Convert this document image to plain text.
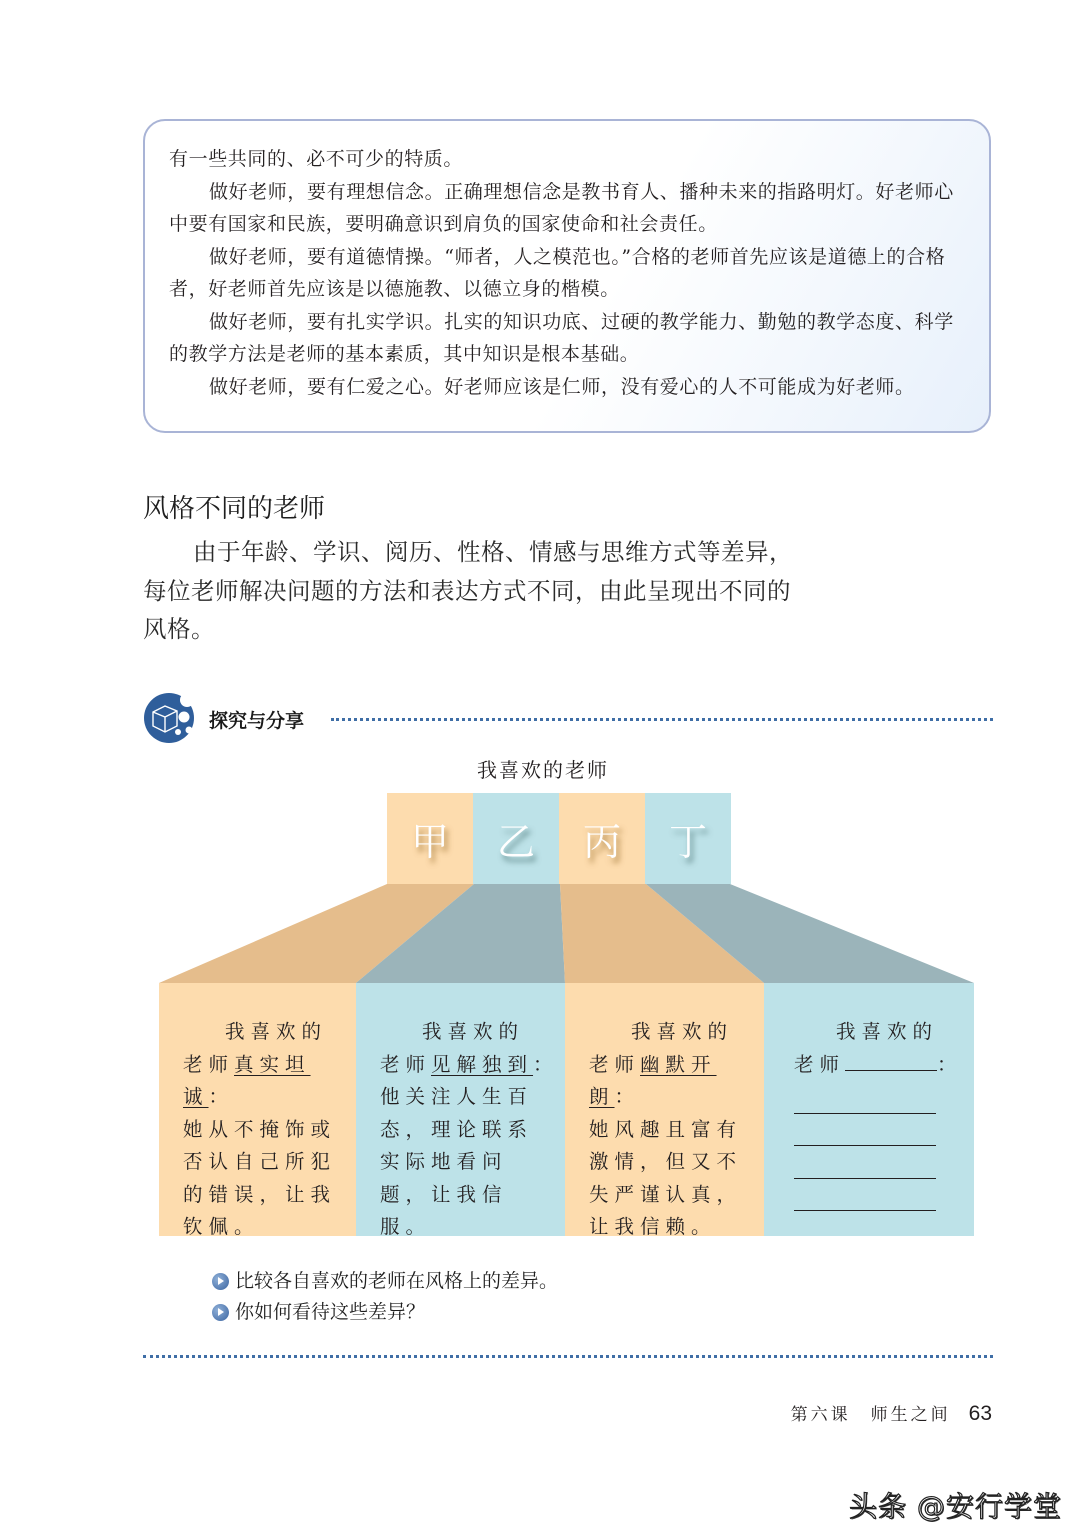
有一些共同的、必不可少的特质。

做好老师，要有理想信念。正确理想信念是教书育人、播种未来的指路明灯。好老师心中要有国家和民族，要明确意识到肩负的国家使命和社会责任。

做好老师，要有道德情操。“师者，人之模范也。”合格的老师首先应该是道德上的合格者，好老师首先应该是以德施教、以德立身的楷模。

做好老师，要有扎实学识。扎实的知识功底、过硬的教学能力、勤勉的教学态度、科学的教学方法是老师的基本素质，其中知识是根本基础。

做好老师，要有仁爱之心。好老师应该是仁师，没有爱心的人不可能成为好老师。

风格不同的老师
由于年龄、学识、阅历、性格、情感与思维方式等差异，每位老师解决问题的方法和表达方式不同，由此呈现出不同的风格。
探究与分享
我喜欢的老师
甲	乙	丙	丁
我喜欢的
老师真实坦诚：
她从不掩饰或否认自己所犯的错误，让我钦佩。
我喜欢的
老师见解独到：
他关注人生百态，理论联系实际地看问题，让我信服。
我喜欢的
老师幽默开朗：
她风趣且富有激情，但又不失严谨认真，让我信赖。
我喜欢的
老师	：
比较各自喜欢的老师在风格上的差异。
你如何看待这些差异？
第六课　师生之间 63
头条 @安行学堂
